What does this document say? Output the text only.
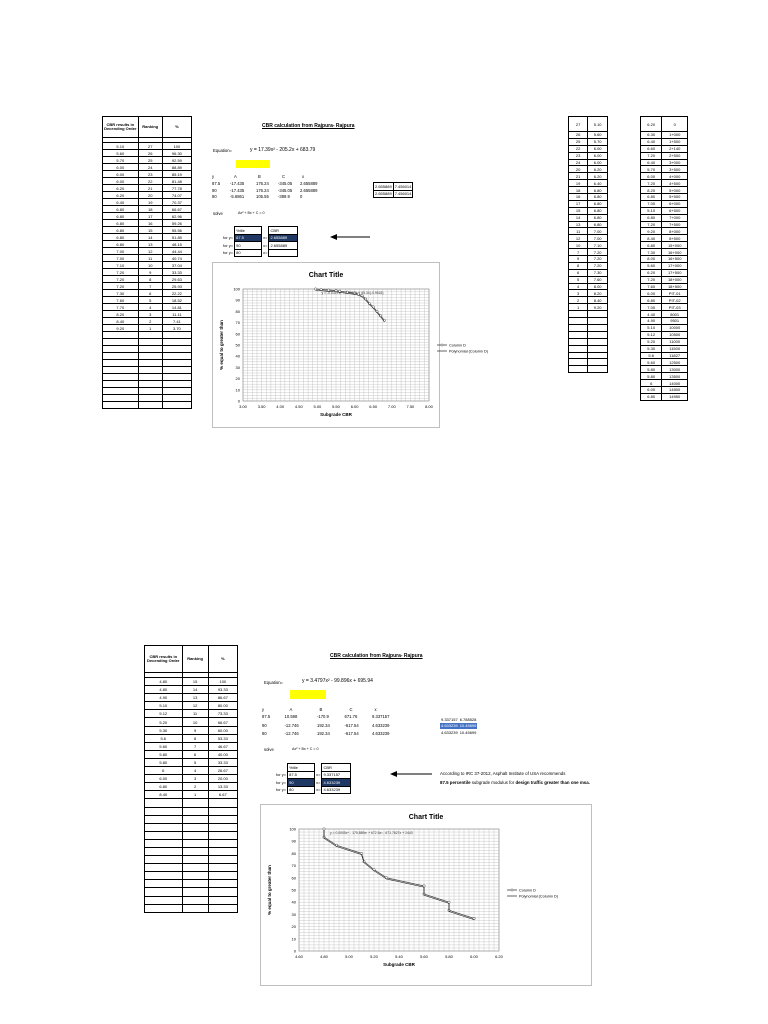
CBR results in Decending Order	Ranking	%

5.10	27	100
5.60	26	96.30
5.70	25	92.59
6.00	24	88.89
6.00	23	85.19
6.00	22	81.48
6.20	21	77.78
6.20	20	74.07
6.40	19	70.37
6.80	18	66.67
6.80	17	62.96
6.80	16	59.26
6.80	15	55.56
6.80	14	51.85
6.80	13	48.15
7.00	12	44.44
7.00	11	40.74
7.10	10	37.04
7.20	9	33.33
7.20	8	29.63
7.20	7	25.93
7.30	6	22.22
7.60	5	18.52
7.70	4	14.81
8.20	3	11.11
8.40	2	7.41
9.20	1	3.70

CBR calculation from Rajpura- Rajpura
Equation=	y = 17.39x² - 205.2x + 683.79
y	A	B	C	x
87.5 -17.435	176.24 -345.05 2.655889
90	-17.435	176.24 -345.05 2.655889
80	-5.6861	105.55 -389.9 0
2.655889	7.456014
2.655889	7.456014
solve	Ax² + Bx + C = 0
	%tile		CBR
for y=	87.5	x=	2.655889
for y=	90	x=	2.655889
for y=	80	x=	
Chart Title
3.00	3.50	4.00	4.50	5.00	5.50	6.00	6.50	7.00	7.50	8.00
0
10
20
30
40
50
60
70
80
90
100
Subgrade CBR
% equal to greater than
y = -0.0317x² + 7.7517x + 65.34(-0.9518)
Column D
Polynomial (Column D)
27	5.10
26	5.60
25	5.70
22	6.00
23	6.00
24	6.00
20	6.20
21	6.20
19	6.40
18	6.80
16	6.80
17	6.80
15	6.80
14	6.80
13	6.80
11	7.00
12	7.00
10	7.10
7	7.20
9	7.20
8	7.20
6	7.30
5	7.60
4	8.00
3	8.20
2	8.40
1	9.20

6.20	0
6.30	1+000
6.40	1+500
6.60	2+140
7.20	2+500
6.40	3+000
5.70	3+500
6.00	4+000
7.20	4+500
8.20	5+000
6.80	5+500
7.00	6+000
5.10	6+500
6.80	7+000
7.20	7+500
9.20	8+000
8.40	8+500
6.80	15+000
7.30	16+000
8.00	16+500
5.60	17+000
6.20	17+500
7.20	18+000
7.60	18+500
6.00	PIT-01
6.80	PIT-02
7.00	PIT-03
4.40	8001
4.90	9501
5.10	10000
5.12	10500
5.20	11000
5.30	11500
5.6	11827
5.60	12500
5.80	13000
5.80	13500
6	14000
6.00	14500
6.80	14950
CBR results in Decending Order	Ranking	%

4.80	15	100
4.80	14	93.33
4.90	13	86.67
5.10	12	80.00
5.12	11	73.33
5.20	10	66.67
5.30	9	60.00
5.6	8	53.33
5.60	7	46.67
5.80	6	40.00
5.80	5	33.33
6	4	26.67
6.00	3	20.00
6.80	2	13.33
8.40	1	6.67

CBR calculation from Rajpura- Rajpura
Equation=	y = 3.4797x² - 99.896x + 695.94
y	A	B	C	x
87.5	10.598	-170.9	671.76	9.337157
90	-12.746	192.34	-617.54	4.633239
80	-12.746	192.34	-617.54	4.633239
9.337157	6.788528
4.633239	10.45699
4.633239	10.45699
solve	Ax² + Bx + C = 0
	%tile		CBR
for y=	87.5	x=	9.337157
for y=	90	x=	4.633239
for y=	80	x=	4.633239
According to IRC 37-2012, Asphalt Institute of USA recommends
87.5 percentile subgrade modulus for design traffic greater than one msa.
Chart Title
4.60	4.80	5.00	5.20	5.40	5.60	5.80	6.00	6.20
0
10
20
30
40
50
60
70
80
90
100
Subgrade CBR
% equal to greater than
y = 0.0005x⁴ - 175.889x³ + 672.5x² - 671.7627x + 2443
Column D
Polynomial (Column D)
